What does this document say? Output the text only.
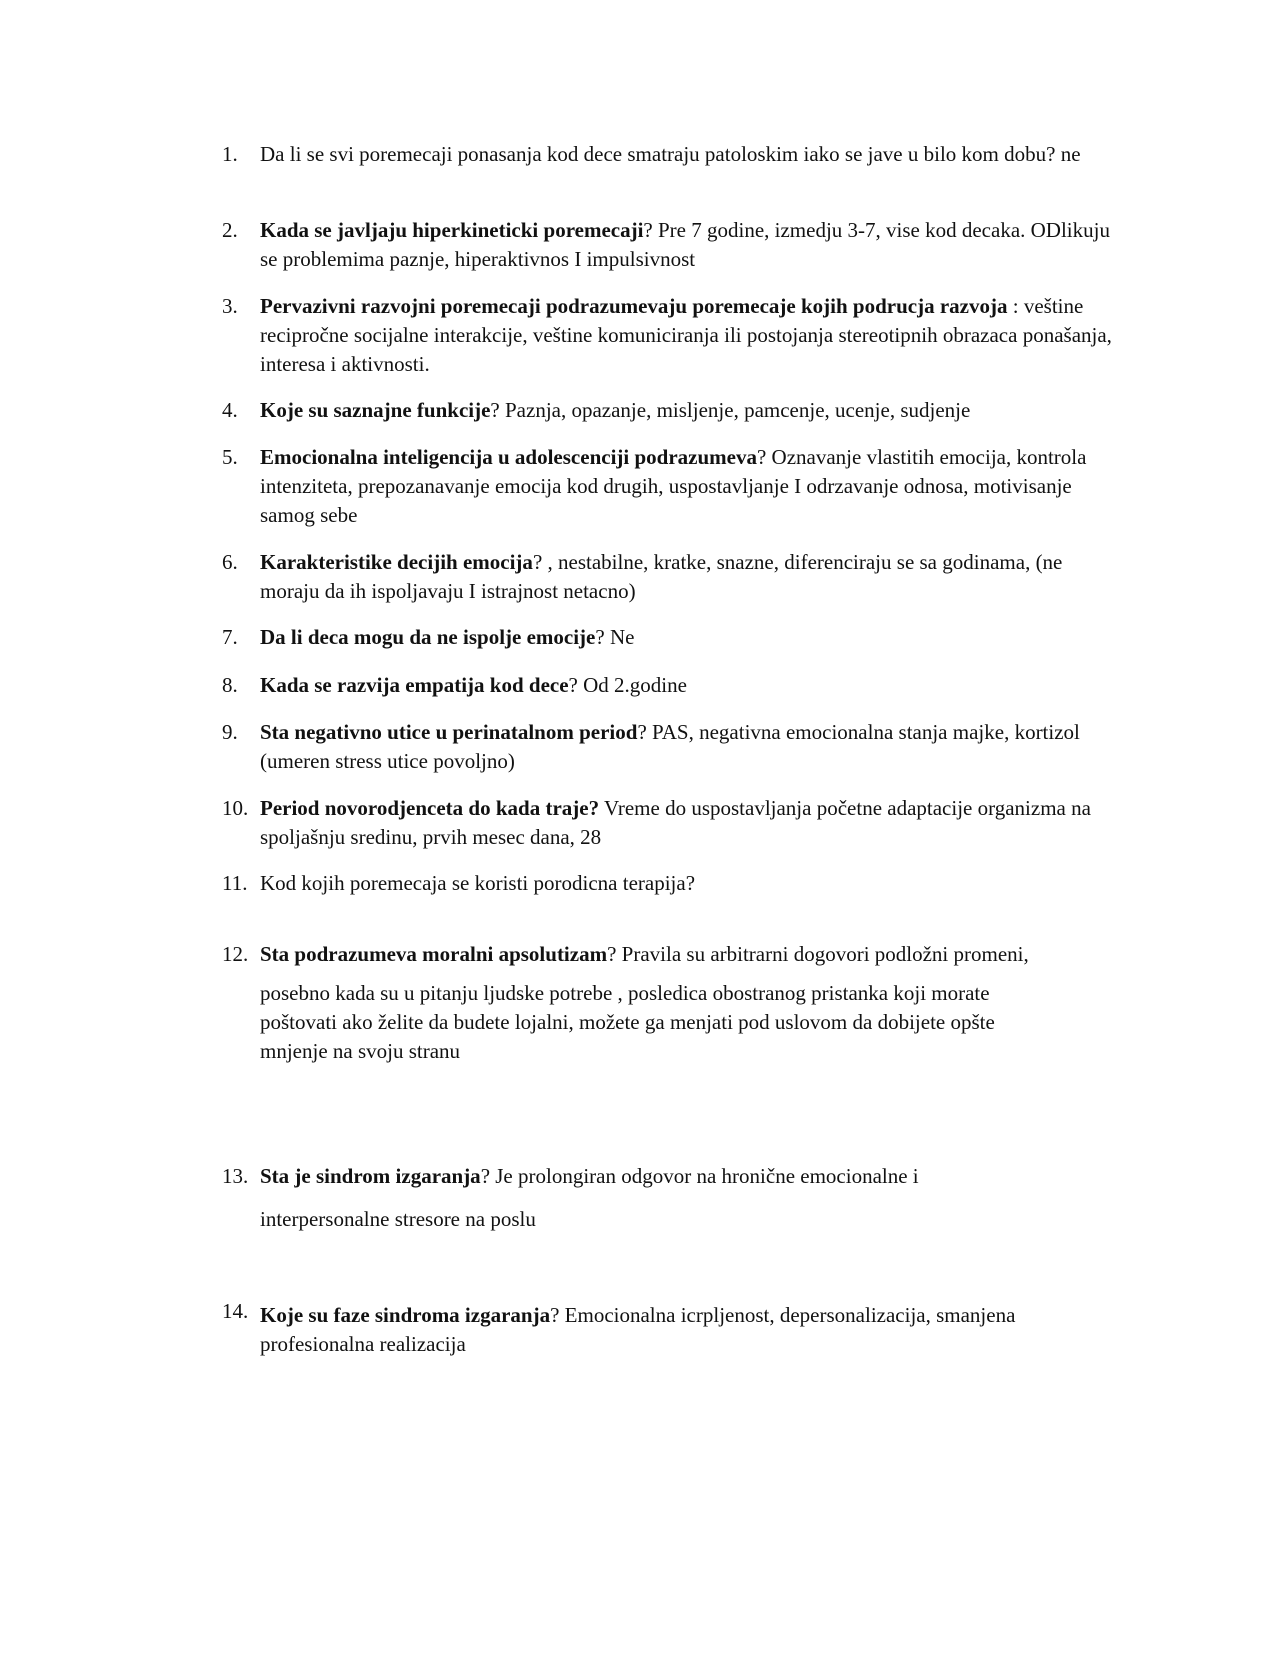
1.	Da li se svi poremecaji ponasanja kod dece smatraju patoloskim iako se jave u bilo kom dobu? ne
2.	Kada se javljaju hiperkineticki poremecaji? Pre 7 godine, izmedju 3-7, vise kod decaka. ODlikuju se problemima paznje, hiperaktivnos I impulsivnost
3.	Pervazivni razvojni poremecaji podrazumevaju poremecaje kojih podrucja razvoja : veštine recipročne socijalne interakcije, veštine komuniciranja ili postojanja stereotipnih obrazaca ponašanja, interesa i aktivnosti.
4.	Koje su saznajne funkcije? Paznja, opazanje, misljenje, pamcenje, ucenje, sudjenje
5.	Emocionalna inteligencija u adolescenciji podrazumeva? Oznavanje vlastitih emocija, kontrola intenziteta, prepozanavanje emocija kod drugih, uspostavljanje I odrzavanje odnosa, motivisanje samog sebe
6.	Karakteristike decijih emocija? , nestabilne, kratke, snazne, diferenciraju se sa godinama, (ne moraju da ih ispoljavaju I istrajnost netacno)
7.	Da li deca mogu da ne ispolje emocije? Ne
8.	Kada se razvija empatija kod dece? Od 2.godine
9.	Sta negativno utice u perinatalnom period? PAS, negativna emocionalna stanja majke, kortizol (umeren stress utice povoljno)
10. Period novorodjenceta do kada traje? Vreme do uspostavljanja početne adaptacije organizma na spoljašnju sredinu, prvih mesec dana, 28
11. Kod kojih poremecaja se koristi porodicna terapija?
12. Sta podrazumeva moralni apsolutizam? Pravila su arbitrarni dogovori podložni promeni,
posebno kada su u pitanju ljudske potrebe , posledica obostranog pristanka koji morate
poštovati ako želite da budete lojalni, možete ga menjati pod uslovom da dobijete opšte
mnjenje na svoju stranu
13. Sta je sindrom izgaranja? Je prolongiran odgovor na hronične emocionalne i
interpersonalne stresore na poslu
14. Koje su faze sindroma izgaranja? Emocionalna icrpljenost, depersonalizacija, smanjena profesionalna realizacija
